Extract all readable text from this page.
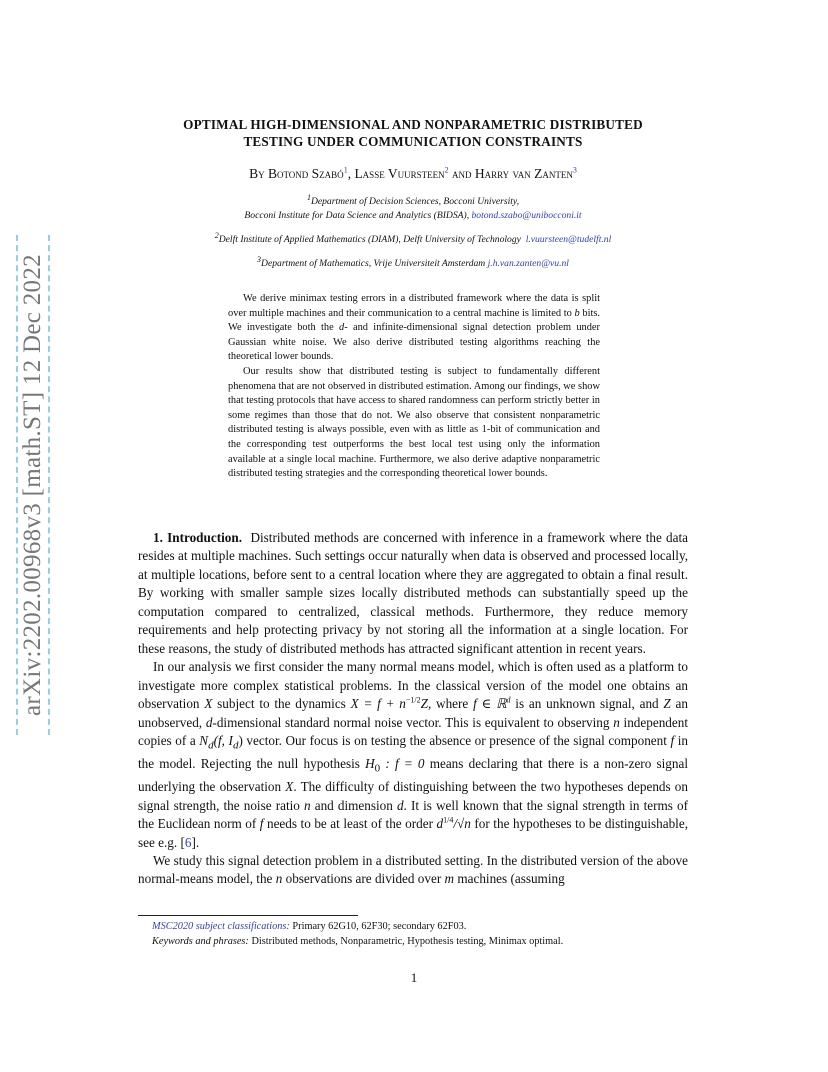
arXiv:2202.00968v3 [math.ST] 12 Dec 2022
OPTIMAL HIGH-DIMENSIONAL AND NONPARAMETRIC DISTRIBUTED
TESTING UNDER COMMUNICATION CONSTRAINTS
By Botond Szabó$^1$, Lasse Vuursteen$^2$ and Harry van Zanten$^3$
$^1$Department of Decision Sciences, Bocconi University,
Bocconi Institute for Data Science and Analytics (BIDSA), botond.szabo@unibocconi.it
$^2$Delft Institute of Applied Mathematics (DIAM), Delft University of Technology l.vuursteen@tudelft.nl
$^3$Department of Mathematics, Vrije Universiteit Amsterdam j.h.van.zanten@vu.nl

We derive minimax testing errors in a distributed framework where the data is split over multiple machines and their communication to a central machine is limited to b bits. We investigate both the d- and infinite-dimensional signal detection problem under Gaussian white noise. We also derive distributed testing algorithms reaching the theoretical lower bounds.

Our results show that distributed testing is subject to fundamentally different phenomena that are not observed in distributed estimation. Among our findings, we show that testing protocols that have access to shared randomness can perform strictly better in some regimes than those that do not. We also observe that consistent nonparametric distributed testing is always possible, even with as little as 1-bit of communication and the corresponding test outperforms the best local test using only the information available at a single local machine. Furthermore, we also derive adaptive nonparametric distributed testing strategies and the corresponding theoretical lower bounds.

1. Introduction. Distributed methods are concerned with inference in a framework where the data resides at multiple machines. Such settings occur naturally when data is observed and processed locally, at multiple locations, before sent to a central location where they are aggregated to obtain a final result. By working with smaller sample sizes locally distributed methods can substantially speed up the computation compared to centralized, classical methods. Furthermore, they reduce memory requirements and help protecting privacy by not storing all the information at a single location. For these reasons, the study of distributed methods has attracted significant attention in recent years.

In our analysis we first consider the many normal means model, which is often used as a platform to investigate more complex statistical problems. In the classical version of the model one obtains an observation X subject to the dynamics $X = f + n^{-1/2}Z$, where f ∈ ℝ$^d$ is an unknown signal, and Z an unobserved, d-dimensional standard normal noise vector. This is equivalent to observing n independent copies of a $N_d(f$, $I_d$) vector. Our focus is on testing the absence or presence of the signal component f in the model. Rejecting the null hypothesis $H_0$ : f = 0 means declaring that there is a non-zero signal underlying the observation X. The difficulty of distinguishing between the two hypotheses depends on signal strength, the noise ratio n and dimension d. It is well known that the signal strength in terms of the Euclidean norm of f needs to be at least of the order $d^{1/4}/√n$ for the hypotheses to be distinguishable, see e.g. [6].

We study this signal detection problem in a distributed setting. In the distributed version of the above normal-means model, the n observations are divided over m machines (assuming

MSC2020 subject classifications: Primary 62G10, 62F30; secondary 62F03.
Keywords and phrases: Distributed methods, Nonparametric, Hypothesis testing, Minimax optimal.
1
